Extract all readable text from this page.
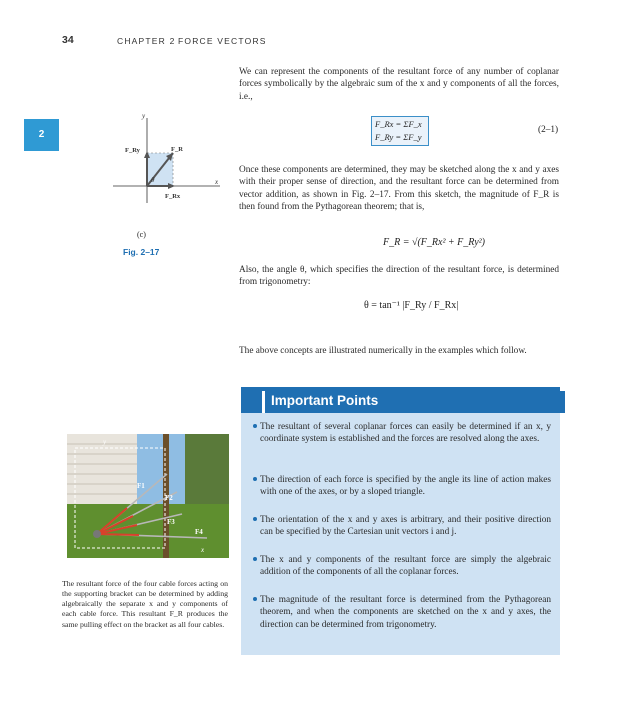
34	CHAPTER 2 FORCE VECTORS
2

We can represent the components of the resultant force of any number of coplanar forces symbolically by the algebraic sum of the x and y components of all the forces, i.e.,

F_Rx = ΣF_x
F_Ry = ΣF_y
(2–1)
y
x
F_Ry	F_R
F_Rx
θ
(c)
Fig. 2–17

Once these components are determined, they may be sketched along the x and y axes with their proper sense of direction, and the resultant force can be determined from vector addition, as shown in Fig. 2–17. From this sketch, the magnitude of F_R is then found from the Pythagorean theorem; that is,

F_R = √(F_Rx² + F_Ry²)

Also, the angle θ, which specifies the direction of the resultant force, is determined from trigonometry:

θ = tan⁻¹ |F_Ry / F_Rx|

The above concepts are illustrated numerically in the examples which follow.

Important Points
The resultant of several coplanar forces can easily be determined if an x, y coordinate system is established and the forces are resolved along the axes.
The direction of each force is specified by the angle its line of action makes with one of the axes, or by a sloped triangle.
The orientation of the x and y axes is arbitrary, and their positive direction can be specified by the Cartesian unit vectors i and j.
The x and y components of the resultant force are simply the algebraic addition of the components of all the coplanar forces.
The magnitude of the resultant force is determined from the Pythagorean theorem, and when the components are sketched on the x and y axes, the direction can be determined from trigonometry.
y
F1
F2
F3
F4
x

The resultant force of the four cable forces acting on the supporting bracket can be determined by adding algebraically the separate x and y components of each cable force. This resultant F_R produces the same pulling effect on the bracket as all four cables.
